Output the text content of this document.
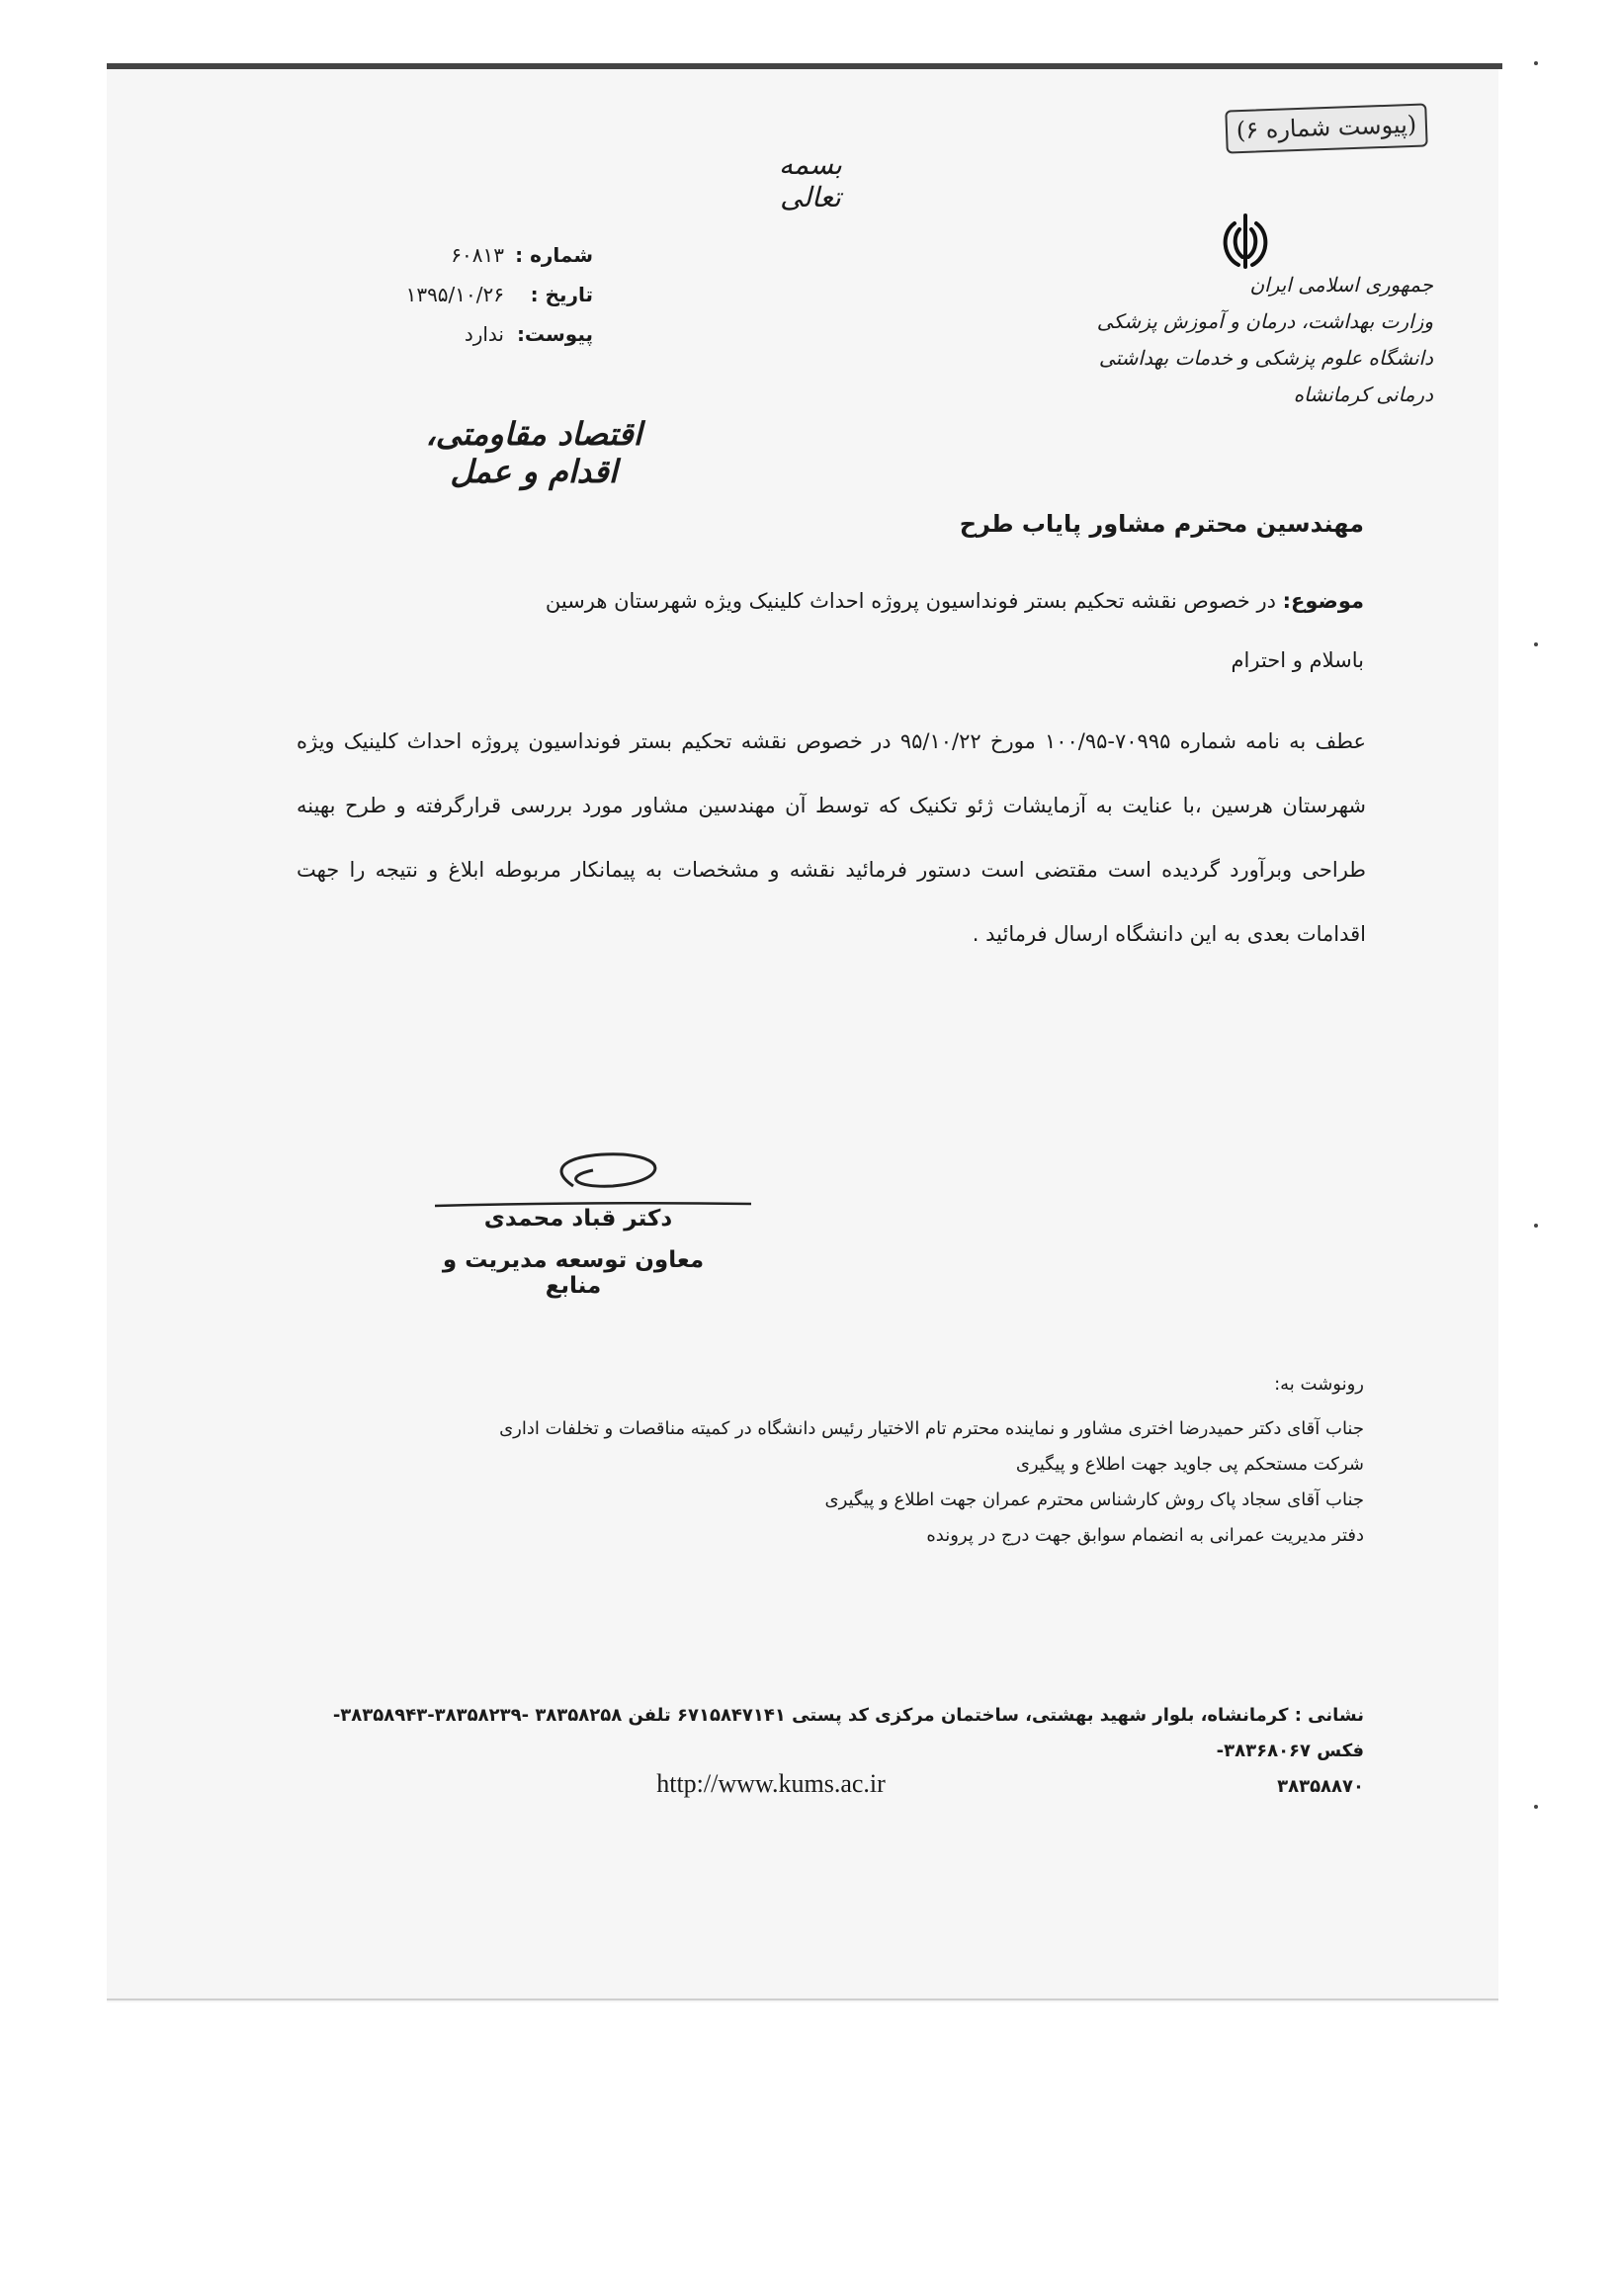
(پیوست شماره ۶)
بسمه تعالی
جمهوری اسلامی ایران
وزارت بهداشت، درمان و آموزش پزشکی
دانشگاه علوم پزشکی و خدمات بهداشتی درمانی کرمانشاه
شماره :
تاریخ :
پیوست:
۶۰۸۱۳
۱۳۹۵/۱۰/۲۶
ندارد
اقتصاد مقاومتی، اقدام و عمل
مهندسین محترم مشاور پایاب طرح
موضوع: در خصوص نقشه تحکیم بستر فونداسیون پروژه احداث کلینیک ویژه شهرستان هرسین
باسلام و احترام
عطف به نامه شماره ۷۰۹۹۵-۱۰۰/۹۵ مورخ ۹۵/۱۰/۲۲ در خصوص نقشه تحکیم بستر فونداسیون پروژه احداث کلینیک ویژه شهرستان هرسین ،با عنایت به آزمایشات ژئو تکنیک که توسط آن مهندسین مشاور مورد بررسی قرارگرفته و طرح بهینه طراحی وبرآورد گردیده است مقتضی است دستور فرمائید نقشه و مشخصات به پیمانکار مربوطه ابلاغ و نتیجه را جهت اقدامات بعدی به این دانشگاه ارسال فرمائید .
دکتر قباد محمدی
معاون توسعه مدیریت و منابع
رونوشت به:
جناب آقای دکتر حمیدرضا اختری مشاور و نماینده محترم تام الاختیار رئیس دانشگاه در کمیته مناقصات و تخلفات اداری
شرکت مستحکم پی جاوید جهت اطلاع و پیگیری
جناب آقای سجاد پاک روش کارشناس محترم عمران جهت اطلاع و پیگیری
دفتر مدیریت عمرانی به انضمام سوابق جهت درج در پرونده
نشانی : کرمانشاه، بلوار شهید بهشتی، ساختمان مرکزی کد پستی ۶۷۱۵۸۴۷۱۴۱ تلفن ۳۸۳۵۸۲۵۸ -۳۸۳۵۸۲۳۹-۳۸۳۵۸۹۴۳- فکس ۳۸۳۶۸۰۶۷-
۳۸۳۵۸۸۷۰
http://www.kums.ac.ir
